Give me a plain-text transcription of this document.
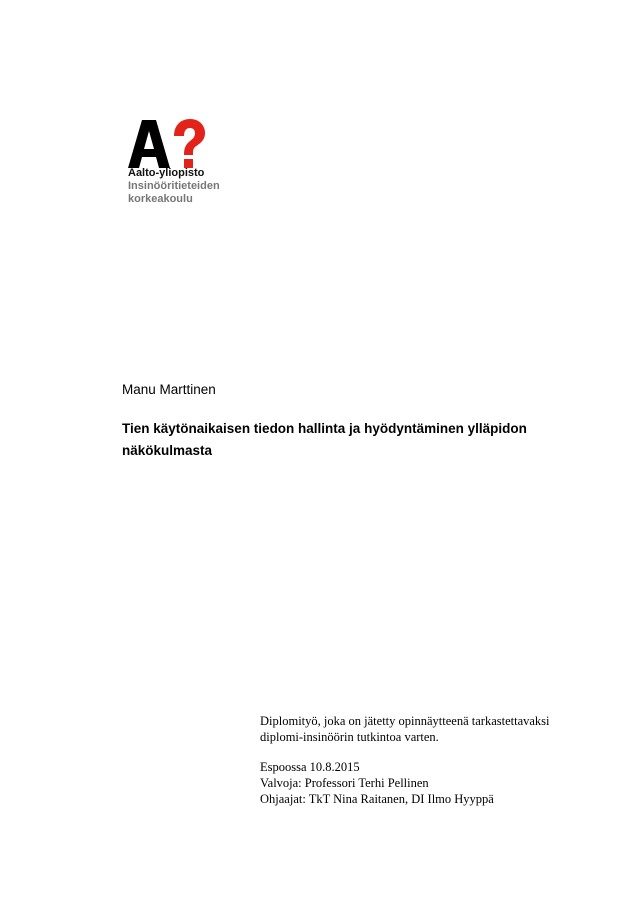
Aalto-yliopisto
Insinööritieteiden
korkeakoulu
Manu Marttinen
Tien käytönaikaisen tiedon hallinta ja hyödyntäminen ylläpidon näkökulmasta
Diplomityö, joka on jätetty opinnäytteenä tarkastettavaksi
diplomi-insinöörin tutkintoa varten.
Espoossa 10.8.2015
Valvoja: Professori Terhi Pellinen
Ohjaajat: TkT Nina Raitanen, DI Ilmo Hyyppä
